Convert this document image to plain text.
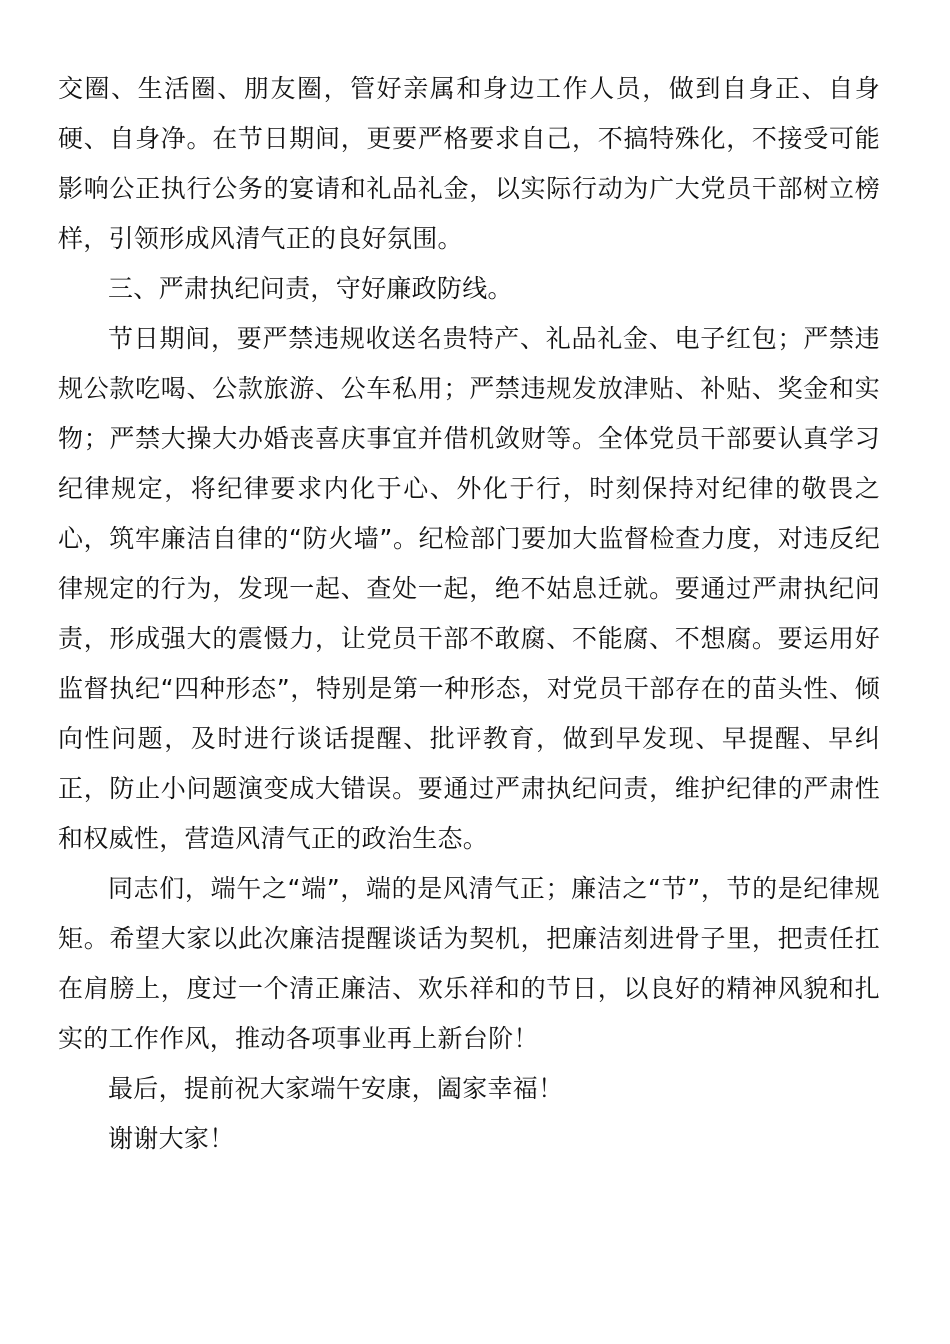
交圈、生活圈、朋友圈，管好亲属和身边工作人员，做到自身正、自身硬、自身净。在节日期间，更要严格要求自己，不搞特殊化，不接受可能影响公正执行公务的宴请和礼品礼金，以实际行动为广大党员干部树立榜样，引领形成风清气正的良好氛围。

三、严肃执纪问责，守好廉政防线。

节日期间，要严禁违规收送名贵特产、礼品礼金、电子红包；严禁违规公款吃喝、公款旅游、公车私用；严禁违规发放津贴、补贴、奖金和实物；严禁大操大办婚丧喜庆事宜并借机敛财等。全体党员干部要认真学习纪律规定，将纪律要求内化于心、外化于行，时刻保持对纪律的敬畏之心，筑牢廉洁自律的“防火墙”。纪检部门要加大监督检查力度，对违反纪律规定的行为，发现一起、查处一起，绝不姑息迁就。要通过严肃执纪问责，形成强大的震慑力，让党员干部不敢腐、不能腐、不想腐。要运用好监督执纪“四种形态”，特别是第一种形态，对党员干部存在的苗头性、倾向性问题，及时进行谈话提醒、批评教育，做到早发现、早提醒、早纠正，防止小问题演变成大错误。要通过严肃执纪问责，维护纪律的严肃性和权威性，营造风清气正的政治生态。

同志们，端午之“端”，端的是风清气正；廉洁之“节”，节的是纪律规矩。希望大家以此次廉洁提醒谈话为契机，把廉洁刻进骨子里，把责任扛在肩膀上，度过一个清正廉洁、欢乐祥和的节日，以良好的精神风貌和扎实的工作作风，推动各项事业再上新台阶！

最后，提前祝大家端午安康，阖家幸福！

谢谢大家！
